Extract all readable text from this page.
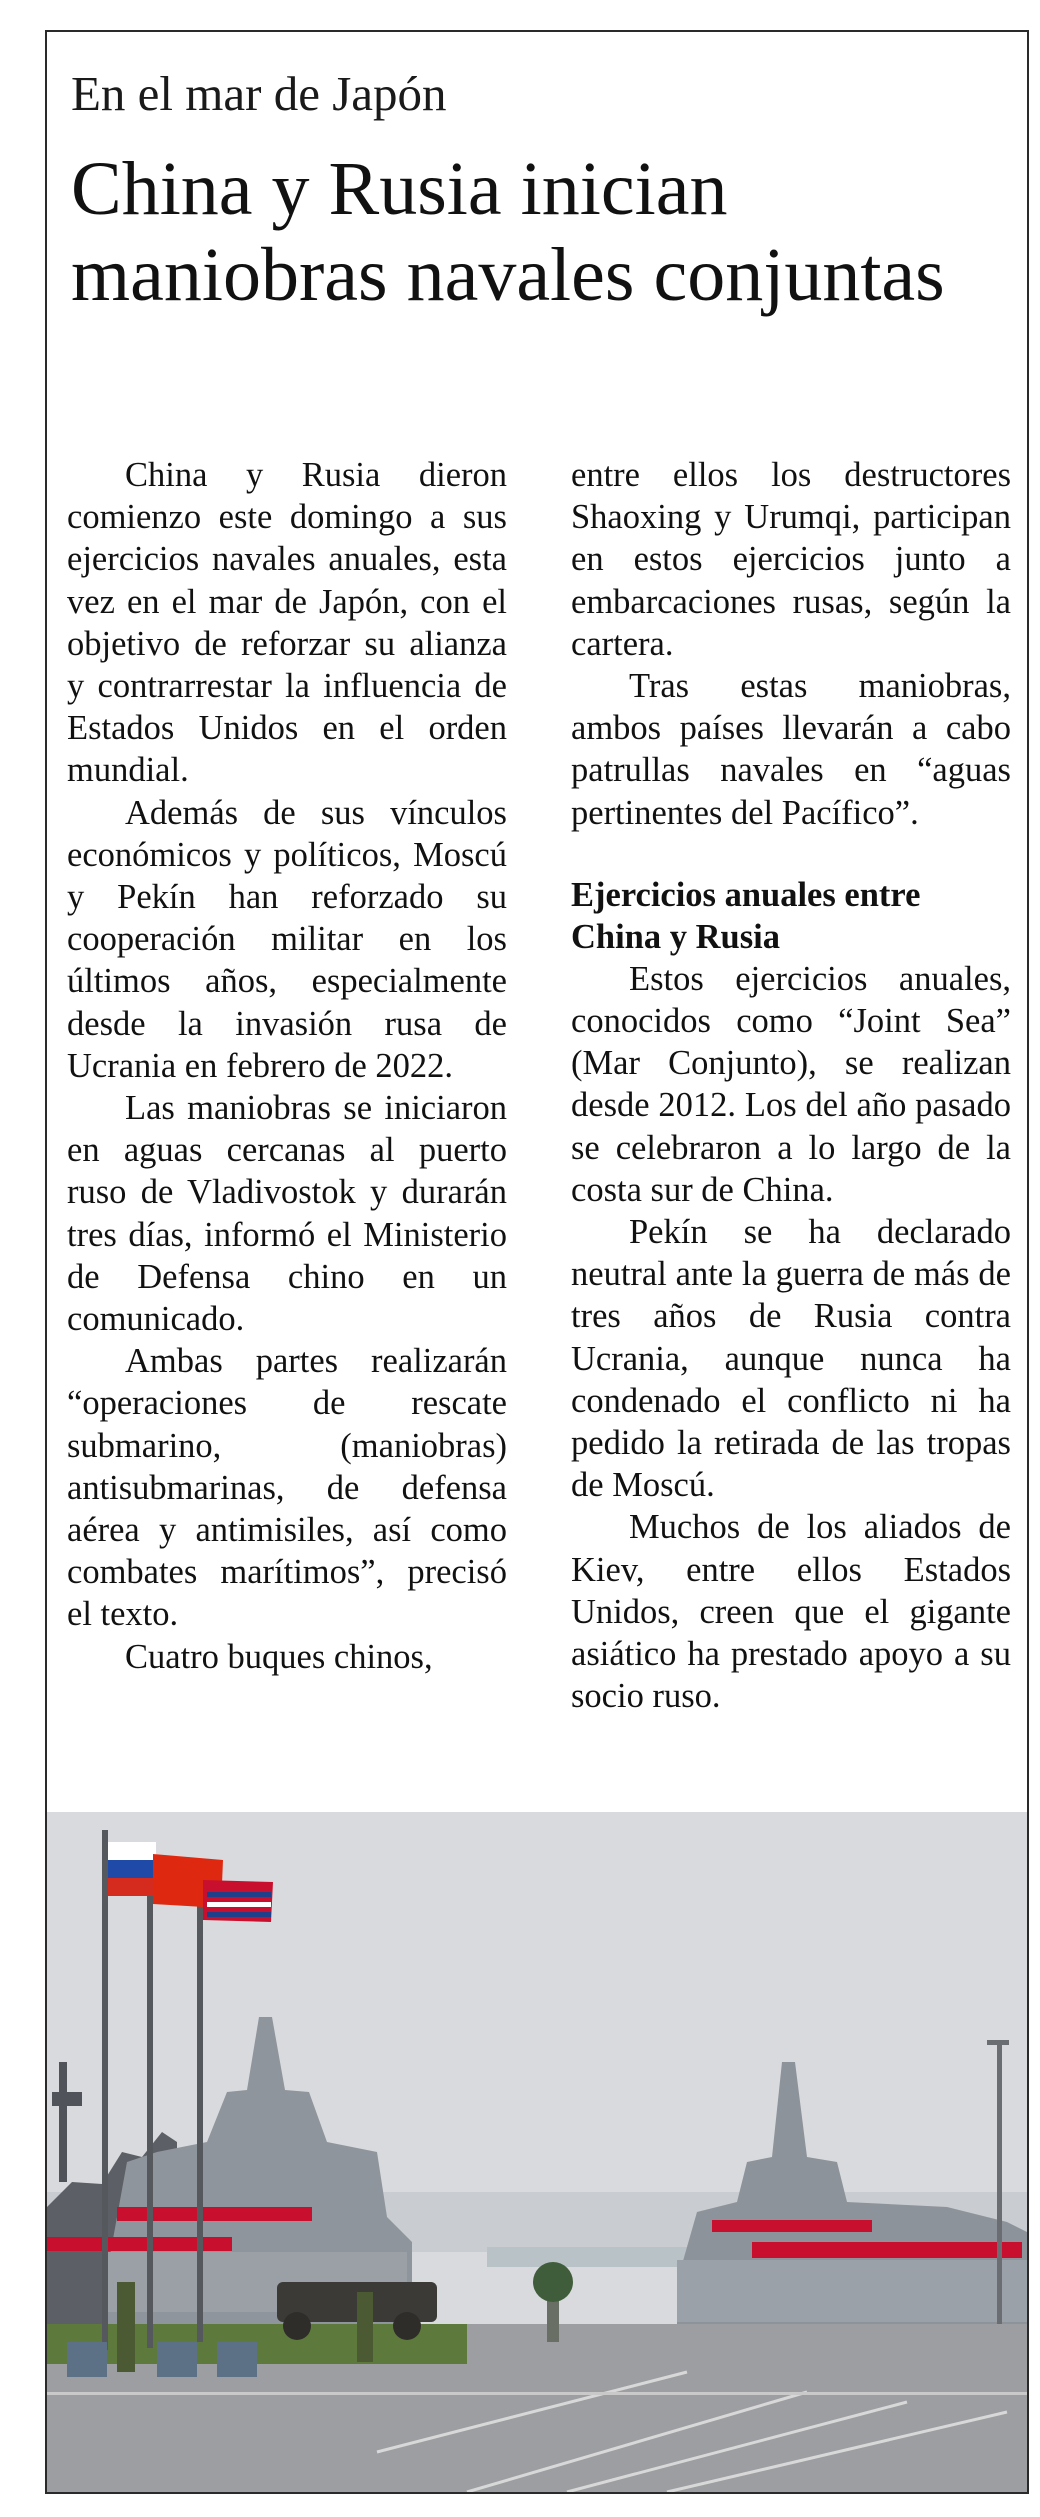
En el mar de Japón
China y Rusia inician maniobras navales conjuntas

China y Rusia dieron comienzo este domingo a sus ejercicios navales anuales, esta vez en el mar de Japón, con el objetivo de reforzar su alianza y contrarrestar la influencia de Estados Unidos en el orden mundial.

Además de sus vínculos económicos y políticos, Moscú y Pekín han reforzado su cooperación militar en los últimos años, especialmente desde la invasión rusa de Ucrania en febrero de 2022.

Las maniobras se iniciaron en aguas cercanas al puerto ruso de Vladivostok y durarán tres días, informó el Ministerio de Defensa chino en un comunicado.

Ambas partes realizarán “operaciones de rescate submarino, (maniobras) antisubmarinas, de defensa aérea y antimisiles, así como combates marítimos”, precisó el texto.

Cuatro buques chinos,

entre ellos los destructores Shaoxing y Urumqi, participan en estos ejercicios junto a embarcaciones rusas, según la cartera.

Tras estas maniobras, ambos países llevarán a cabo patrullas navales en “aguas pertinentes del Pacífico”.

Ejercicios anuales entre China y Rusia

Estos ejercicios anuales, conocidos como “Joint Sea” (Mar Conjunto), se realizan desde 2012. Los del año pasado se celebraron a lo largo de la costa sur de China.

Pekín se ha declarado neutral ante la guerra de más de tres años de Rusia contra Ucrania, aunque nunca ha condenado el conflicto ni ha pedido la retirada de las tropas de Moscú.

Muchos de los aliados de Kiev, entre ellos Estados Unidos, creen que el gigante asiático ha prestado apoyo a su socio ruso.
